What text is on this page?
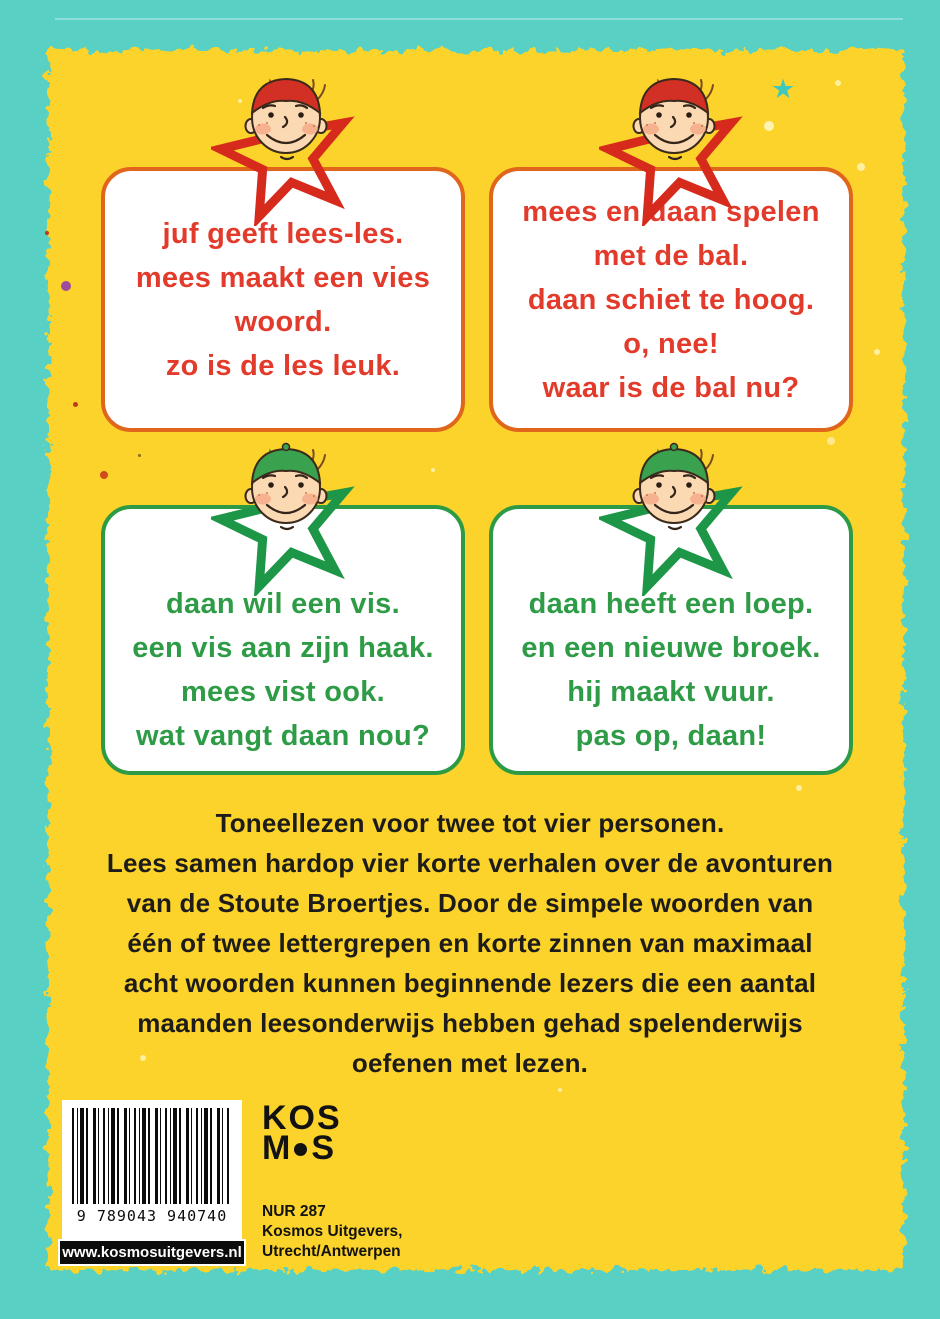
★
juf geeft lees-les.
mees maakt een vies
woord.
zo is de les leuk.
mees en daan spelen
met de bal.
daan schiet te hoog.
o, nee!
waar is de bal nu?
daan wil een vis.
een vis aan zijn haak.
mees vist ook.
wat vangt daan nou?
daan heeft een loep.
en een nieuwe broek.
hij maakt vuur.
pas op, daan!
Toneellezen voor twee tot vier personen.
Lees samen hardop vier korte verhalen over de avonturen
van de Stoute Broertjes. Door de simpele woorden van
één of twee lettergrepen en korte zinnen van maximaal
acht woorden kunnen beginnende lezers die een aantal
maanden leesonderwijs hebben gehad spelenderwijs
oefenen met lezen.
9 789043 940740
www.kosmosuitgevers.nl
KOS
M S
NUR 287
Kosmos Uitgevers,
Utrecht/Antwerpen
